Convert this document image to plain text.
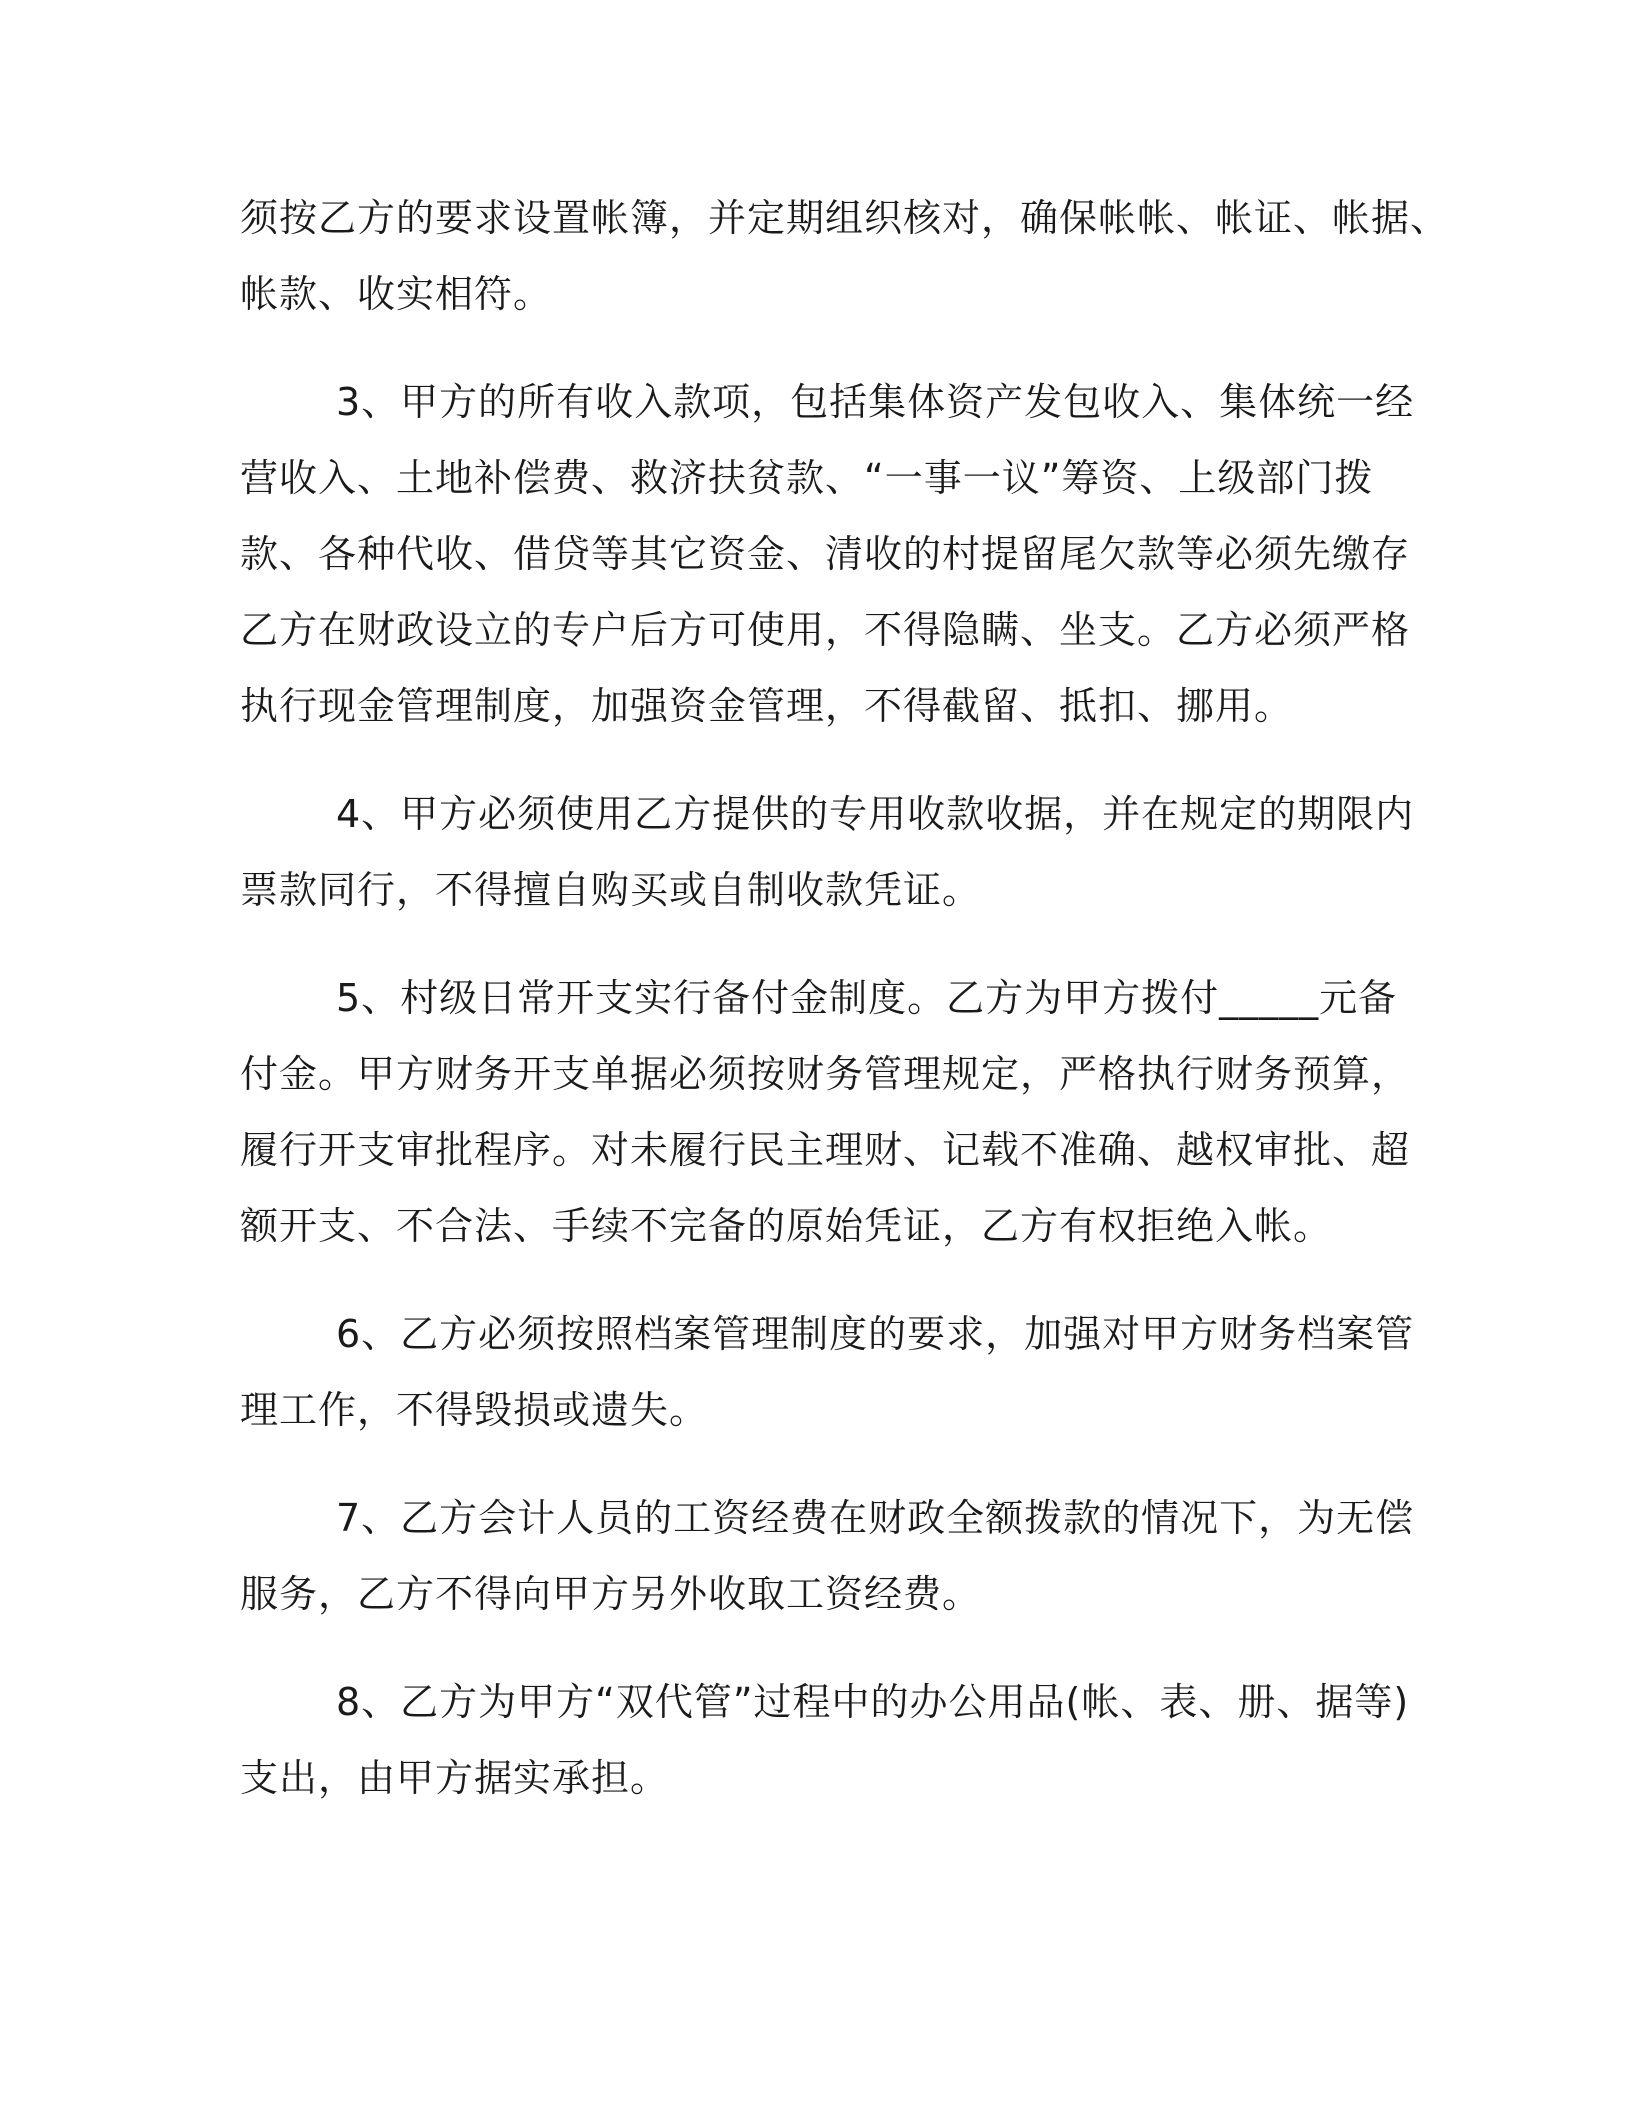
须按乙方的要求设置帐簿，并定期组织核对，确保帐帐、帐证、帐据、
帐款、收实相符。
3、甲方的所有收入款项，包括集体资产发包收入、集体统一经
营收入、土地补偿费、救济扶贫款、“一事一议”筹资、上级部门拨
款、各种代收、借贷等其它资金、清收的村提留尾欠款等必须先缴存
乙方在财政设立的专户后方可使用，不得隐瞒、坐支。乙方必须严格
执行现金管理制度，加强资金管理，不得截留、抵扣、挪用。
4、甲方必须使用乙方提供的专用收款收据，并在规定的期限内
票款同行，不得擅自购买或自制收款凭证。
5、村级日常开支实行备付金制度。乙方为甲方拨付_____元备
付金。甲方财务开支单据必须按财务管理规定，严格执行财务预算，
履行开支审批程序。对未履行民主理财、记载不准确、越权审批、超
额开支、不合法、手续不完备的原始凭证，乙方有权拒绝入帐。
6、乙方必须按照档案管理制度的要求，加强对甲方财务档案管
理工作，不得毁损或遗失。
7、乙方会计人员的工资经费在财政全额拨款的情况下，为无偿
服务，乙方不得向甲方另外收取工资经费。
8、乙方为甲方“双代管”过程中的办公用品(帐、表、册、据等)
支出，由甲方据实承担。
